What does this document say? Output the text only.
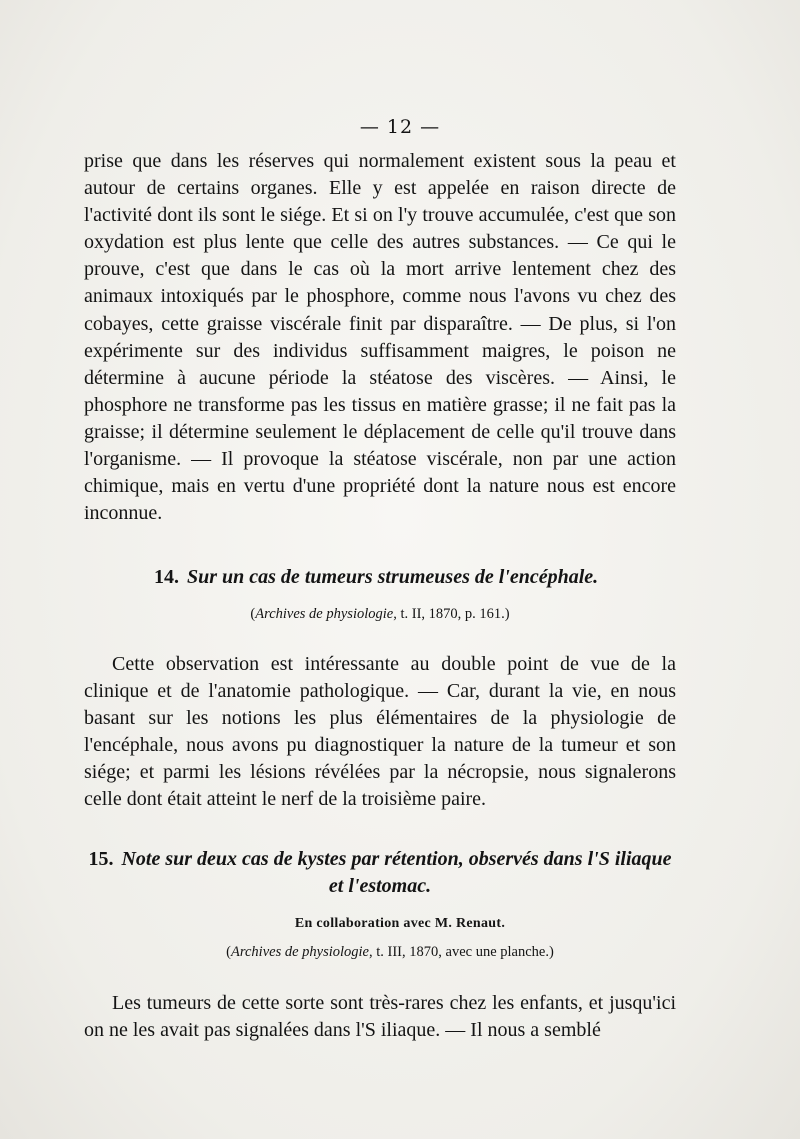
— 12 —

prise que dans les réserves qui normalement existent sous la peau et autour de certains organes. Elle y est appelée en raison directe de l'activité dont ils sont le siége. Et si on l'y trouve accumulée, c'est que son oxydation est plus lente que celle des autres substances. — Ce qui le prouve, c'est que dans le cas où la mort arrive lentement chez des animaux intoxiqués par le phosphore, comme nous l'avons vu chez des cobayes, cette graisse viscérale finit par disparaître. — De plus, si l'on expérimente sur des individus suffisamment maigres, le poison ne détermine à aucune période la stéatose des viscères. — Ainsi, le phosphore ne transforme pas les tissus en matière grasse; il ne fait pas la graisse; il détermine seulement le déplacement de celle qu'il trouve dans l'organisme. — Il provoque la stéatose viscérale, non par une action chimique, mais en vertu d'une propriété dont la nature nous est encore inconnue.

14. Sur un cas de tumeurs strumeuses de l'encéphale.

(Archives de physiologie, t. II, 1870, p. 161.)

Cette observation est intéressante au double point de vue de la clinique et de l'anatomie pathologique. — Car, durant la vie, en nous basant sur les notions les plus élémentaires de la physiologie de l'encéphale, nous avons pu diagnostiquer la nature de la tumeur et son siége; et parmi les lésions révélées par la nécropsie, nous signalerons celle dont était atteint le nerf de la troisième paire.

15. Note sur deux cas de kystes par rétention, observés dans l'S iliaque et l'estomac.

En collaboration avec M. Renaut.

(Archives de physiologie, t. III, 1870, avec une planche.)

Les tumeurs de cette sorte sont très-rares chez les enfants, et jusqu'ici on ne les avait pas signalées dans l'S iliaque. — Il nous a semblé
